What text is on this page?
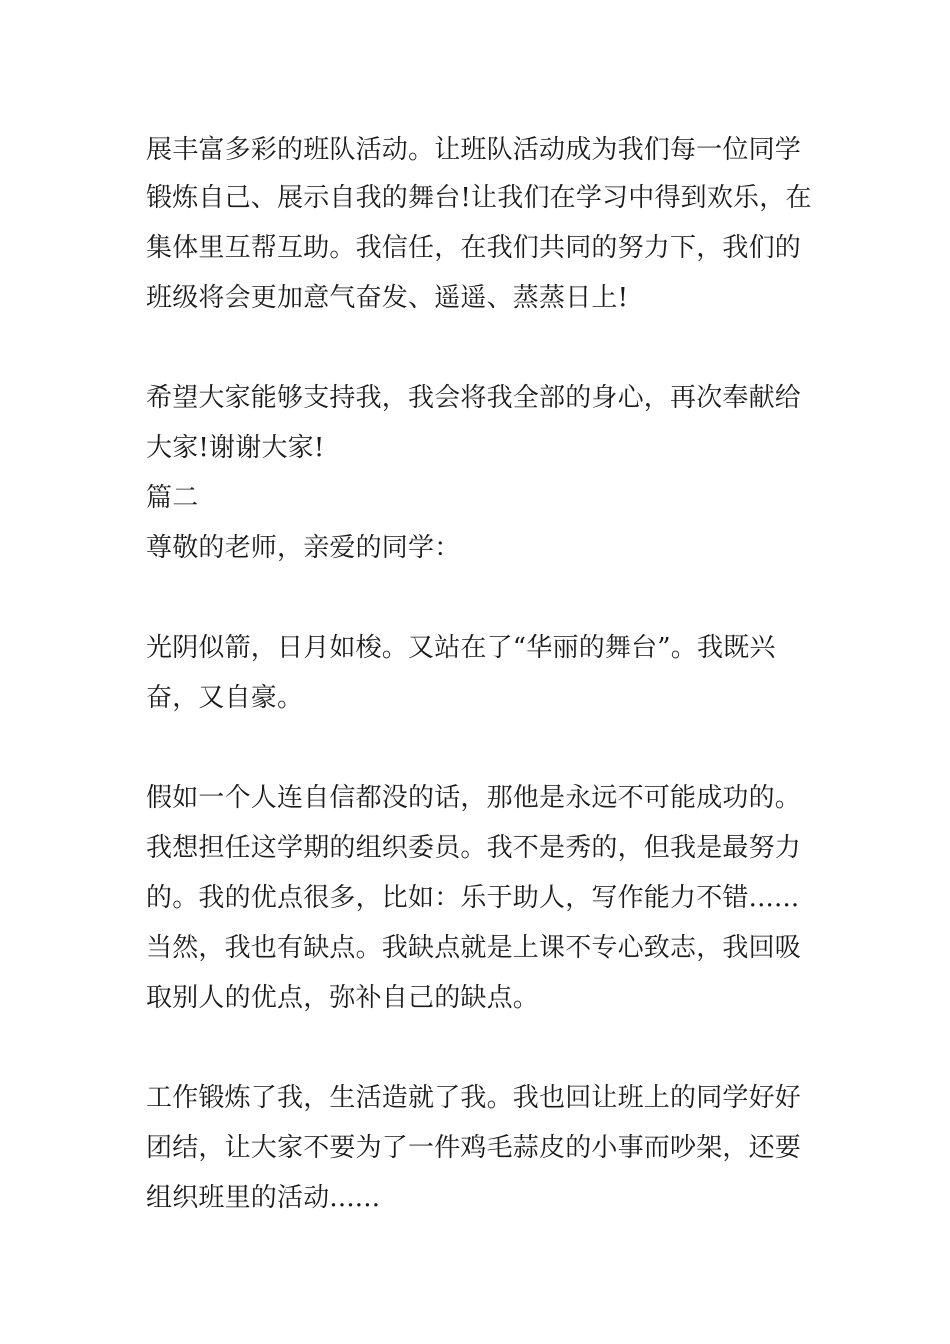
展丰富多彩的班队活动。让班队活动成为我们每一位同学
锻炼自己、展示自我的舞台!让我们在学习中得到欢乐，在
集体里互帮互助。我信任，在我们共同的努力下，我们的
班级将会更加意气奋发、遥遥、蒸蒸日上!
希望大家能够支持我，我会将我全部的身心，再次奉献给
大家!谢谢大家!
篇二
尊敬的老师，亲爱的同学：
光阴似箭，日月如梭。又站在了“华丽的舞台”。我既兴
奋，又自豪。
假如一个人连自信都没的话，那他是永远不可能成功的。
我想担任这学期的组织委员。我不是秀的，但我是最努力
的。我的优点很多，比如：乐于助人，写作能力不错......
当然，我也有缺点。我缺点就是上课不专心致志，我回吸
取别人的优点，弥补自己的缺点。
工作锻炼了我，生活造就了我。我也回让班上的同学好好
团结，让大家不要为了一件鸡毛蒜皮的小事而吵架，还要
组织班里的活动......
